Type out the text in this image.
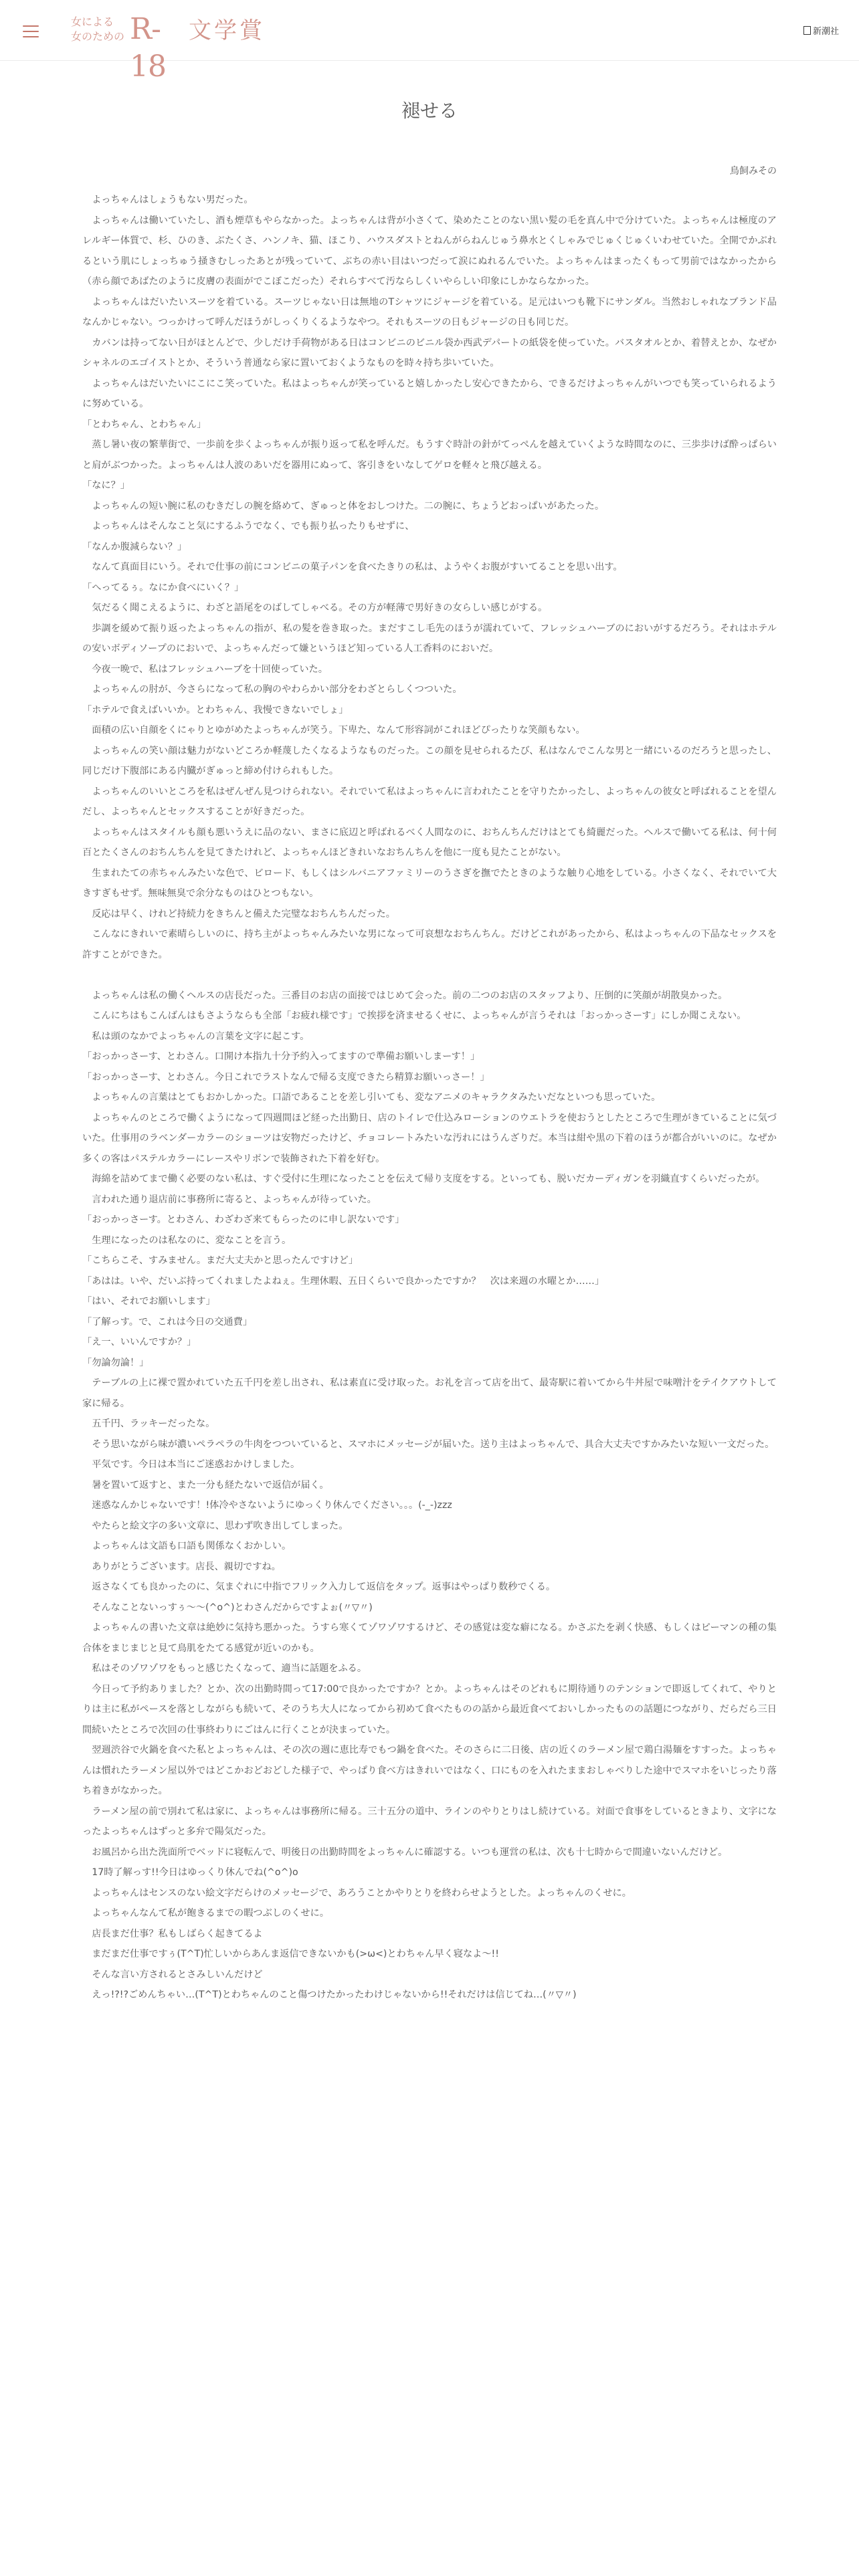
女による
女のための R-18
文学賞	新潮社
褪せる
鳥飼みその

　よっちゃんはしょうもない男だった。

　よっちゃんは働いていたし、酒も煙草もやらなかった。よっちゃんは背が小さくて、染めたことのない黒い髪の毛を真ん中で分けていた。よっちゃんは極度のアレルギー体質で、杉、ひのき、ぶたくさ、ハンノキ、猫、ほこり、ハウスダストとねんがらねんじゅう鼻水とくしゃみでじゅくじゅくいわせていた。全開でかぶれるという肌にしょっちゅう掻きむしったあとが残っていて、ぶちの赤い目はいつだって涙にぬれるんでいた。よっちゃんはまったくもって男前ではなかったから（赤ら顔であばたのように皮膚の表面がでこぼこだった）それらすべて汚ならしくいやらしい印象にしかならなかった。

　よっちゃんはだいたいスーツを着ている。スーツじゃない日は無地のTシャツにジャージを着ている。足元はいつも靴下にサンダル。当然おしゃれなブランド品なんかじゃない。つっかけって呼んだほうがしっくりくるようなやつ。それもスーツの日もジャージの日も同じだ。

　カバンは持ってない日がほとんどで、少しだけ手荷物がある日はコンビニのビニル袋か西武デパートの紙袋を使っていた。バスタオルとか、着替えとか、なぜかシャネルのエゴイストとか、そういう普通なら家に置いておくようなものを時々持ち歩いていた。

　よっちゃんはだいたいにこにこ笑っていた。私はよっちゃんが笑っていると嬉しかったし安心できたから、できるだけよっちゃんがいつでも笑っていられるように努めている。

「とわちゃん、とわちゃん」

　蒸し暑い夜の繁華街で、一歩前を歩くよっちゃんが振り返って私を呼んだ。もうすぐ時計の針がてっぺんを越えていくような時間なのに、三歩歩けば酔っぱらいと肩がぶつかった。よっちゃんは人波のあいだを器用にぬって、客引きをいなしてゲロを軽々と飛び越える。

「なに？」

　よっちゃんの短い腕に私のむきだしの腕を絡めて、ぎゅっと体をおしつけた。二の腕に、ちょうどおっぱいがあたった。

　よっちゃんはそんなこと気にするふうでなく、でも振り払ったりもせずに、

「なんか腹減らない？」

　なんて真面目にいう。それで仕事の前にコンビニの菓子パンを食べたきりの私は、ようやくお腹がすいてることを思い出す。

「へってるぅ。なにか食べにいく？」

　気だるく聞こえるように、わざと語尾をのばしてしゃべる。その方が軽薄で男好きの女らしい感じがする。

　歩調を緩めて振り返ったよっちゃんの指が、私の髪を巻き取った。まだすこし毛先のほうが濡れていて、フレッシュハーブのにおいがするだろう。それはホテルの安いボディソープのにおいで、よっちゃんだって嫌というほど知っている人工香料のにおいだ。

　今夜一晩で、私はフレッシュハーブを十回使っていた。

　よっちゃんの肘が、今さらになって私の胸のやわらかい部分をわざとらしくつついた。

「ホテルで食えばいいか。とわちゃん、我慢できないでしょ」

　面積の広い自顔をくにゃりとゆがめたよっちゃんが笑う。下卑た、なんて形容詞がこれほどぴったりな笑顔もない。

　よっちゃんの笑い顔は魅力がないどころか軽蔑したくなるようなものだった。この顔を見せられるたび、私はなんでこんな男と一緒にいるのだろうと思ったし、同じだけ下腹部にある内臓がぎゅっと締め付けられもした。

　よっちゃんのいいところを私はぜんぜん見つけられない。それでいて私はよっちゃんに言われたことを守りたかったし、よっちゃんの彼女と呼ばれることを望んだし、よっちゃんとセックスすることが好きだった。

　よっちゃんはスタイルも顔も悪いうえに品のない、まさに底辺と呼ばれるべく人間なのに、おちんちんだけはとても綺麗だった。ヘルスで働いてる私は、何十何百とたくさんのおちんちんを見てきたけれど、よっちゃんほどきれいなおちんちんを他に一度も見たことがない。

　生まれたての赤ちゃんみたいな色で、ビロード、もしくはシルバニアファミリーのうさぎを撫でたときのような触り心地をしている。小さくなく、それでいて大きすぎもせず。無味無臭で余分なものはひとつもない。

　反応は早く、けれど持続力をきちんと備えた完璧なおちんちんだった。

　こんなにきれいで素晴らしいのに、持ち主がよっちゃんみたいな男になって可哀想なおちんちん。だけどこれがあったから、私はよっちゃんの下品なセックスを許すことができた。

　よっちゃんは私の働くヘルスの店長だった。三番目のお店の面接ではじめて会った。前の二つのお店のスタッフより、圧倒的に笑顔が胡散臭かった。

　こんにちはもこんばんはもさようならも全部「お疲れ様です」で挨拶を済ませるくせに、よっちゃんが言うそれは「おっかっさーす」にしか聞こえない。

　私は頭のなかでよっちゃんの言葉を文字に起こす。

「おっかっさーす、とわさん。口開け本指九十分予約入ってますので準備お願いしまーす！」

「おっかっさーす、とわさん。今日これでラストなんで帰る支度できたら精算お願いっさー！」

　よっちゃんの言葉はとてもおかしかった。口語であることを差し引いても、変なアニメのキャラクタみたいだなといつも思っていた。

　よっちゃんのところで働くようになって四週間ほど経った出勤日、店のトイレで仕込みローションのウエトラを使おうとしたところで生理がきていることに気づいた。仕事用のラベンダーカラーのショーツは安物だったけど、チョコレートみたいな汚れにはうんざりだ。本当は紺や黒の下着のほうが都合がいいのに。なぜか多くの客はパステルカラーにレースやリボンで装飾された下着を好む。

　海綿を詰めてまで働く必要のない私は、すぐ受付に生理になったことを伝えて帰り支度をする。といっても、脱いだカーディガンを羽織直すくらいだったが。

　言われた通り退店前に事務所に寄ると、よっちゃんが待っていた。

「おっかっさーす。とわさん、わざわざ来てもらったのに申し訳ないです」

　生理になったのは私なのに、変なことを言う。

「こちらこそ、すみません。まだ大丈夫かと思ったんですけど」

「あはは。いや、だいぶ持ってくれましたよねぇ。生理休暇、五日くらいで良かったですか？　次は来週の水曜とか……」

「はい、それでお願いします」

「了解っす。で、これは今日の交通費」

「え一、いいんですか？」

「勿論勿論！」

　テーブルの上に裸で置かれていた五千円を差し出され、私は素直に受け取った。お礼を言って店を出て、最寄駅に着いてから牛丼屋で味噌汁をテイクアウトして家に帰る。

　五千円、ラッキーだったな。

　そう思いながら味が濃いペラペラの牛肉をつついていると、スマホにメッセージが届いた。送り主はよっちゃんで、具合大丈夫ですかみたいな短い一文だった。

　平気です。今日は本当にご迷惑おかけしました。

　暑を置いて返すと、また一分も経たないで返信が届く。

　迷惑なんかじゃないです！!体冷やさないようにゆっくり休んでください。。。(-_-)zzz

　やたらと絵文字の多い文章に、思わず吹き出してしまった。

　よっちゃんは文語も口語も関係なくおかしい。

　ありがとうございます。店長、親切ですね。

　返さなくても良かったのに、気まぐれに中指でフリック入力して返信をタップ。返事はやっぱり数秒でくる。

　そんなことないっすぅ～～(^o^)とわさんだからですよぉ(〃▽〃)

　よっちゃんの書いた文章は絶妙に気持ち悪かった。うすら寒くてゾワゾワするけど、その感覚は変な癖になる。かさぶたを剥く快感、もしくはピーマンの種の集合体をまじまじと見て鳥肌をたてる感覚が近いのかも。

　私はそのゾワゾワをもっと感じたくなって、適当に話題をふる。

　今日って予約ありました？とか、次の出勤時間って17:00で良かったですか？とか。よっちゃんはそのどれもに期待通りのテンションで即返してくれて、やりとりは主に私がペースを落としながらも続いて、そのうち大人になってから初めて食べたものの話から最近食べておいしかったものの話題につながり、だらだら三日間続いたところで次回の仕事終わりにごはんに行くことが決まっていた。

　翌週渋谷で火鍋を食べた私とよっちゃんは、その次の週に恵比寿でもつ鍋を食べた。そのさらに二日後、店の近くのラーメン屋で鶏白湯麺をすすった。よっちゃんは慣れたラーメン屋以外ではどこかおどおどした様子で、やっぱり食べ方はきれいではなく、口にものを入れたままおしゃべりした途中でスマホをいじったり落ち着きがなかった。

　ラーメン屋の前で別れて私は家に、よっちゃんは事務所に帰る。三十五分の道中、ラインのやりとりはし続けている。対面で食事をしているときより、文字になったよっちゃんはずっと多弁で陽気だった。

　お風呂から出た洗面所でベッドに寝転んで、明後日の出勤時間をよっちゃんに確認する。いつも運営の私は、次も十七時からで間違いないんだけど。

　17時了解っす!!今日はゆっくり休んでね(^o^)o

　よっちゃんはセンスのない絵文字だらけのメッセージで、あろうことかやりとりを終わらせようとした。よっちゃんのくせに。

　よっちゃんなんて私が飽きるまでの暇つぶしのくせに。

　店長まだ仕事？私もしばらく起きてるよ

　まだまだ仕事ですぅ(T^T)忙しいからあんま返信できないかも(>ω<)とわちゃん早く寝なよ～!!

　そんな言い方されるとさみしいんだけど

　えっ!?!?ごめんちゃい…(T^T)とわちゃんのこと傷つけたかったわけじゃないから!!それだけは信じてね…(〃▽〃)
